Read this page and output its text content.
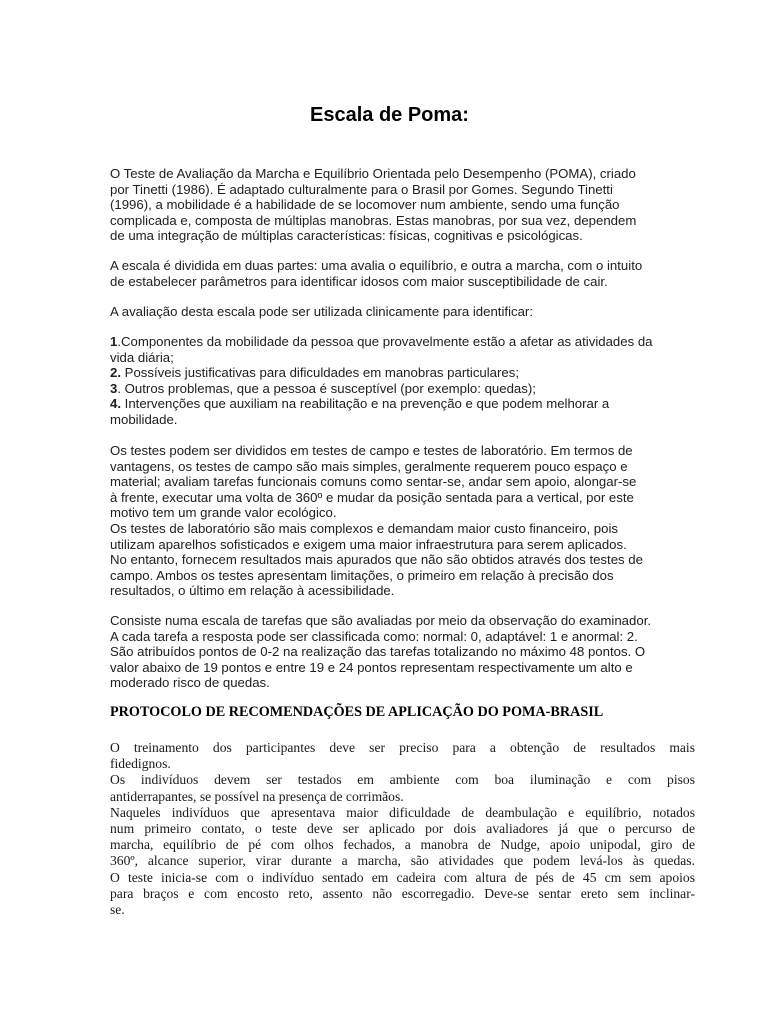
Escala de Poma:
O Teste de Avaliação da Marcha e Equilíbrio Orientada pelo Desempenho (POMA), criado
por Tinetti (1986). É adaptado culturalmente para o Brasil por Gomes. Segundo Tinetti
(1996), a mobilidade é a habilidade de se locomover num ambiente, sendo uma função
complicada e, composta de múltiplas manobras. Estas manobras, por sua vez, dependem
de uma integração de múltiplas características: físicas, cognitivas e psicológicas.
A escala é dividida em duas partes: uma avalia o equilíbrio, e outra a marcha, com o intuito
de estabelecer parâmetros para identificar idosos com maior susceptibilidade de cair.
A avaliação desta escala pode ser utilizada clinicamente para identificar:
1.Componentes da mobilidade da pessoa que provavelmente estão a afetar as atividades da
vida diária;
2. Possíveis justificativas para dificuldades em manobras particulares;
3. Outros problemas, que a pessoa é susceptível (por exemplo: quedas);
4. Intervenções que auxiliam na reabilitação e na prevenção e que podem melhorar a
mobilidade.
Os testes podem ser divididos em testes de campo e testes de laboratório. Em termos de
vantagens, os testes de campo são mais simples, geralmente requerem pouco espaço e
material; avaliam tarefas funcionais comuns como sentar-se, andar sem apoio, alongar-se
à frente, executar uma volta de 360º e mudar da posição sentada para a vertical, por este
motivo tem um grande valor ecológico.
Os testes de laboratório são mais complexos e demandam maior custo financeiro, pois
utilizam aparelhos sofisticados e exigem uma maior infraestrutura para serem aplicados.
No entanto, fornecem resultados mais apurados que não são obtidos através dos testes de
campo. Ambos os testes apresentam limitações, o primeiro em relação à precisão dos
resultados, o último em relação à acessibilidade.
Consiste numa escala de tarefas que são avaliadas por meio da observação do examinador.
A cada tarefa a resposta pode ser classificada como: normal: 0, adaptável: 1 e anormal: 2.
São atribuídos pontos de 0-2 na realização das tarefas totalizando no máximo 48 pontos. O
valor abaixo de 19 pontos e entre 19 e 24 pontos representam respectivamente um alto e
moderado risco de quedas.
PROTOCOLO DE RECOMENDAÇÕES DE APLICAÇÃO DO POMA-BRASIL
O treinamento dos participantes deve ser preciso para a obtenção de resultados mais
fidedignos.
Os indivíduos devem ser testados em ambiente com boa iluminação e com pisos
antiderrapantes, se possível na presença de corrimãos.
Naqueles indivíduos que apresentava maior dificuldade de deambulação e equilíbrio, notados
num primeiro contato, o teste deve ser aplicado por dois avaliadores já que o percurso de
marcha, equilíbrio de pé com olhos fechados, a manobra de Nudge, apoio unipodal, giro de
360º, alcance superior, virar durante a marcha, são atividades que podem levá-los às quedas.
O teste inicia-se com o indivíduo sentado em cadeira com altura de pés de 45 cm sem apoios
para braços e com encosto reto, assento não escorregadio. Deve-se sentar ereto sem inclinar-
se.
